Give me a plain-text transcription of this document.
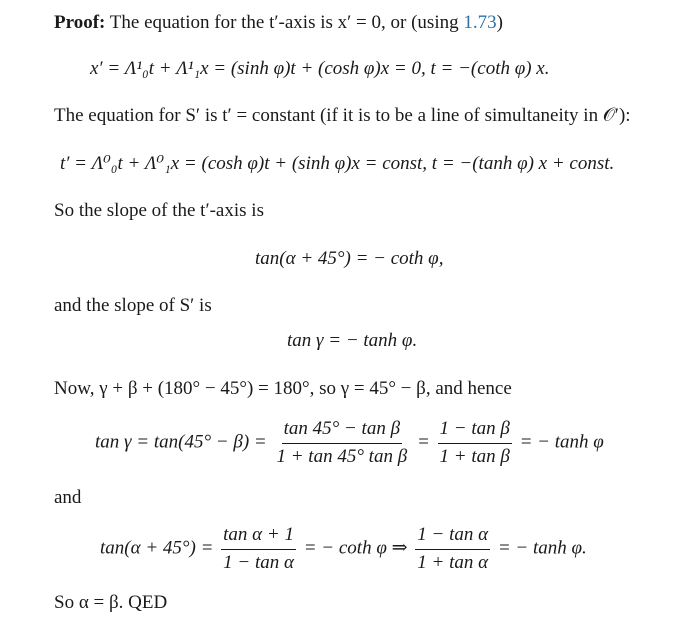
Proof: The equation for the t′-axis is x′ = 0, or (using 1.73)
x′ = Λ¹₀t + Λ¹₁x = (sinh φ)t + (cosh φ)x = 0, t = −(coth φ) x.
The equation for S′ is t′ = constant (if it is to be a line of simultaneity in 𝒪′):
t′ = Λ⁰₀t + Λ⁰₁x = (cosh φ)t + (sinh φ)x = const, t = −(tanh φ) x + const.
So the slope of the t′-axis is
tan(α + 45°) = − coth φ,
and the slope of S′ is
tan γ = − tanh φ.
Now, γ + β + (180° − 45°) = 180°, so γ = 45° − β, and hence
$\tan \gamma = \tan(45^\circ - \beta) = \frac{\text{tan 45° − tan β}}{\text{1 + tan 45° tan β}} = \frac{\text{1 − tan β}}{\text{1 + tan β}}$ = − tanh φ
and
$\tan(\alpha + 45^\circ) = \frac{\text{tan α + 1}}{\text{1 − tan α}}$ = − coth φ ⇒ $\frac{\text{1 − tan α}}{\text{1 + tan α}}$ = − tanh φ.
So α = β. QED
